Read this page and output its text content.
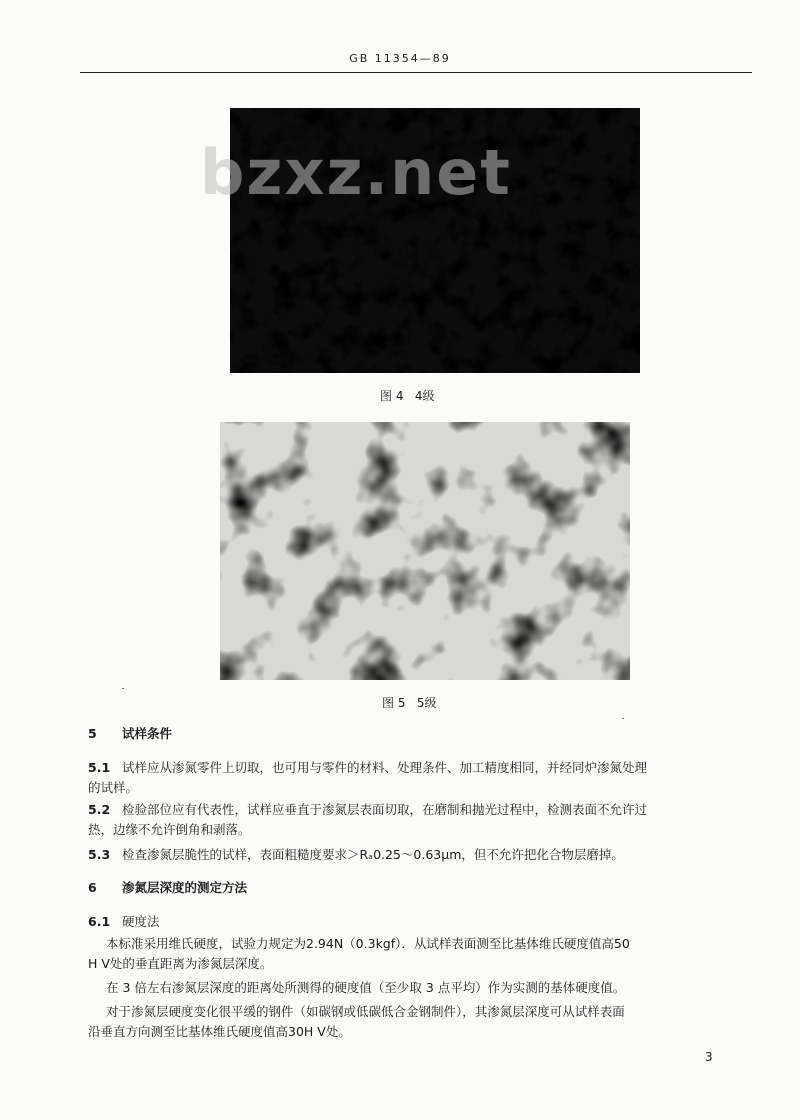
GB 11354—89
bzxz.net
图 4   4级
图 5   5级
5 试样条件
5.1 试样应从渗氮零件上切取，也可用与零件的材料、处理条件、加工精度相同，并经同炉渗氮处理
的试样。
5.2 检验部位应有代表性，试样应垂直于渗氮层表面切取，在磨制和抛光过程中，检测表面不允许过
热，边缘不允许倒角和剥落。
5.3 检查渗氮层脆性的试样，表面粗糙度要求＞Rₐ0.25～0.63μm，但不允许把化合物层磨掉。
6 渗氮层深度的测定方法
6.1 硬度法
本标准采用维氏硬度，试验力规定为2.94N（0.3kgf）．从试样表面测至比基体维氏硬度值高50
H V处的垂直距离为渗氮层深度。
在 3 倍左右渗氮层深度的距离处所测得的硬度值（至少取 3 点平均）作为实测的基体硬度值。
对于渗氮层硬度变化很平缓的钢件（如碳钢或低碳低合金钢制件），其渗氮层深度可从试样表面
沿垂直方向测至比基体维氏硬度值高30H V处。
3
